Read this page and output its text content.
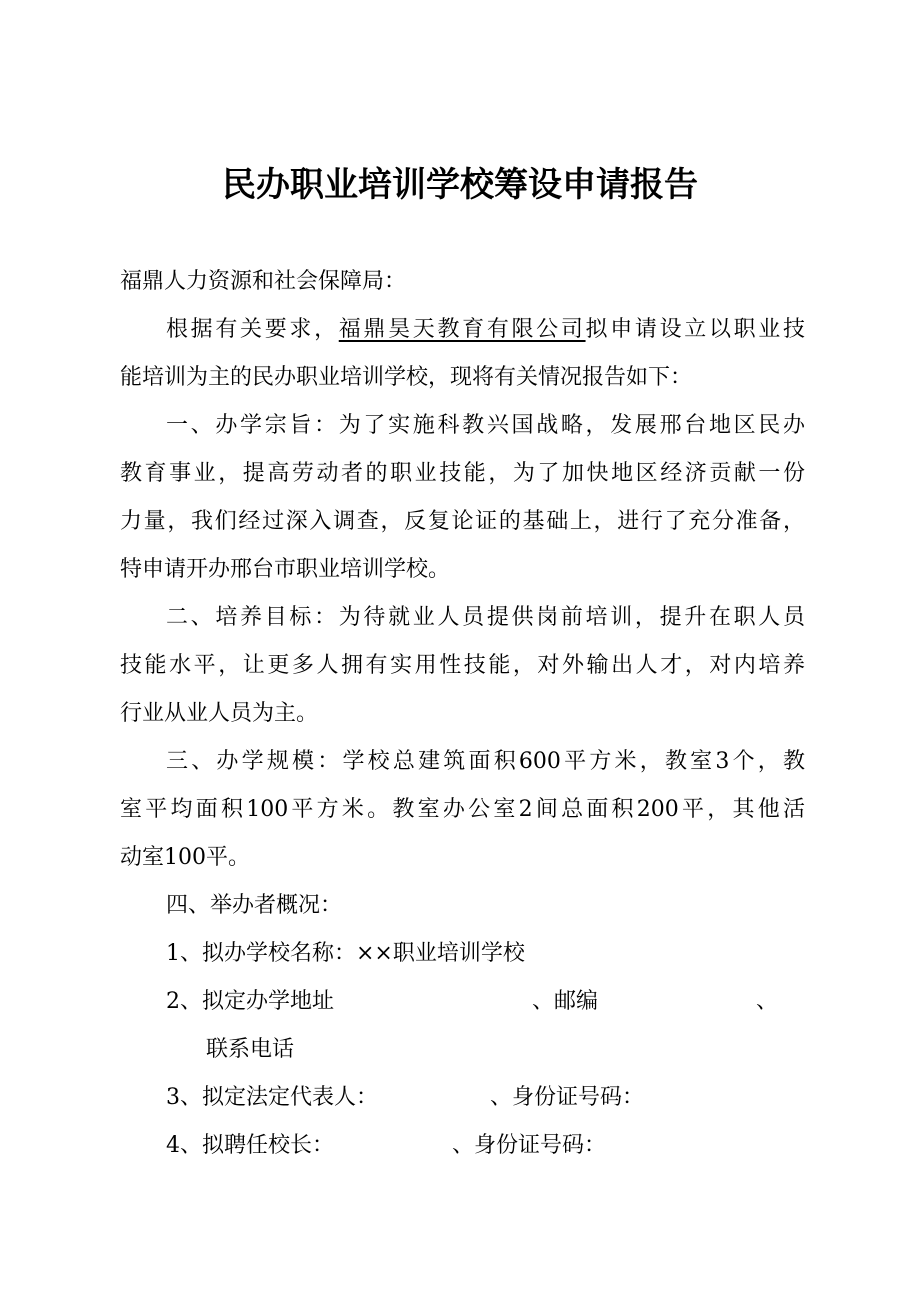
民办职业培训学校筹设申请报告
福鼎人力资源和社会保障局：
根据有关要求，福鼎昊天教育有限公司拟申请设立以职业技
能培训为主的民办职业培训学校，现将有关情况报告如下：
一、办学宗旨：为了实施科教兴国战略，发展邢台地区民办
教育事业，提高劳动者的职业技能，为了加快地区经济贡献一份
力量，我们经过深入调查，反复论证的基础上，进行了充分准备，
特申请开办邢台市职业培训学校。
二、培养目标：为待就业人员提供岗前培训，提升在职人员
技能水平，让更多人拥有实用性技能，对外输出人才，对内培养
行业从业人员为主。
三、办学规模：学校总建筑面积600平方米，教室3个，教
室平均面积100平方米。教室办公室2间总面积200平，其他活
动室100平。
四、举办者概况：
1、拟办学校名称：××职业培训学校
2、拟定办学地址	、邮编	、
联系电话
3、拟定法定代表人：	、身份证号码：
4、拟聘任校长：	、身份证号码：
